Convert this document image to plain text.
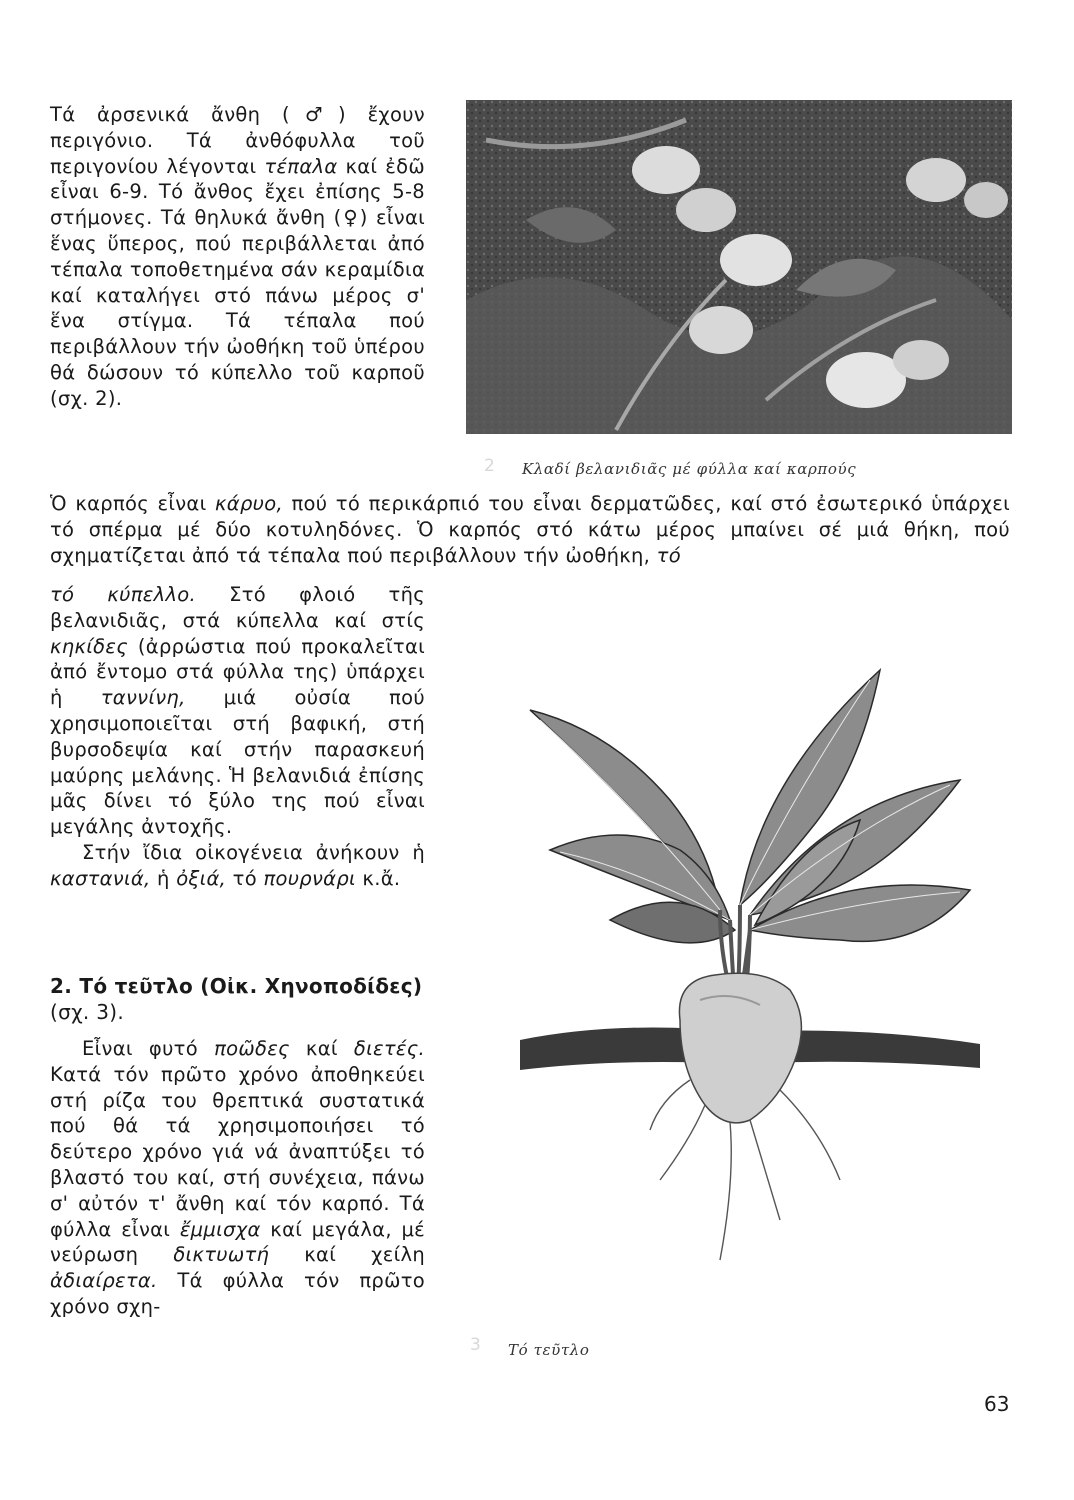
Τά ἀρσενικά ἄνθη (♂) ἔχουν περιγόνιο. Τά ἀνθόφυλλα τοῦ περιγονίου λέγονται τέπαλα καί ἐδῶ εἶναι 6-9. Τό ἄνθος ἔχει ἐπίσης 5-8 στήμονες. Τά θηλυκά ἄνθη (♀) εἶναι ἕνας ὕπερος, πού περιβάλλεται ἀπό τέπαλα τοποθετημένα σάν κεραμίδια καί καταλήγει στό πάνω μέρος σ' ἕνα στίγμα. Τά τέπαλα πού περιβάλλουν τήν ὠοθήκη τοῦ ὑπέρου θά δώσουν τό κύπελλο τοῦ καρποῦ (σχ. 2).
2 Κλαδί βελανιδιᾶς μέ φύλλα καί καρπούς
Ὁ καρπός εἶναι κάρυο, πού τό περικάρπιό του εἶναι δερματῶδες, καί στό ἐσωτερικό ὑπάρχει τό σπέρμα μέ δύο κοτυληδόνες. Ὁ καρπός στό κάτω μέρος μπαίνει σέ μιά θήκη, πού σχηματίζεται ἀπό τά τέπαλα πού περιβάλλουν τήν ὠοθήκη, τό

τό κύπελλο. Στό φλοιό τῆς βελανιδιᾶς, στά κύπελλα καί στίς κηκίδες (ἀρρώστια πού προκαλεῖται ἀπό ἔντομο στά φύλλα της) ὑπάρχει ἡ ταννίνη, μιά οὐσία πού χρησιμοποιεῖται στή βαφική, στή βυρσοδεψία καί στήν παρασκευή μαύρης μελάνης. Ἡ βελανιδιά ἐπίσης μᾶς δίνει τό ξύλο της πού εἶναι μεγάλης ἀντοχῆς.

Στήν ἴδια οἰκογένεια ἀνήκουν ἡ καστανιά, ἡ ὀξιά, τό πουρνάρι κ.ἄ.

2. Τό τεῦτλο (Οἰκ. Χηνοποδίδες) (σχ. 3).
Εἶναι φυτό ποῶδες καί διετές. Κατά τόν πρῶτο χρόνο ἀποθηκεύει στή ρίζα του θρεπτικά συστατικά πού θά τά χρησιμοποιήσει τό δεύτερο χρόνο γιά νά ἀναπτύξει τό βλαστό του καί, στή συνέχεια, πάνω σ' αὐτόν τ' ἄνθη καί τόν καρπό. Τά φύλλα εἶναι ἔμμισχα καί μεγάλα, μέ νεύρωση δικτυωτή καί χείλη ἀδιαίρετα. Τά φύλλα τόν πρῶτο χρόνο σχη-
3 Τό τεῦτλο
63
